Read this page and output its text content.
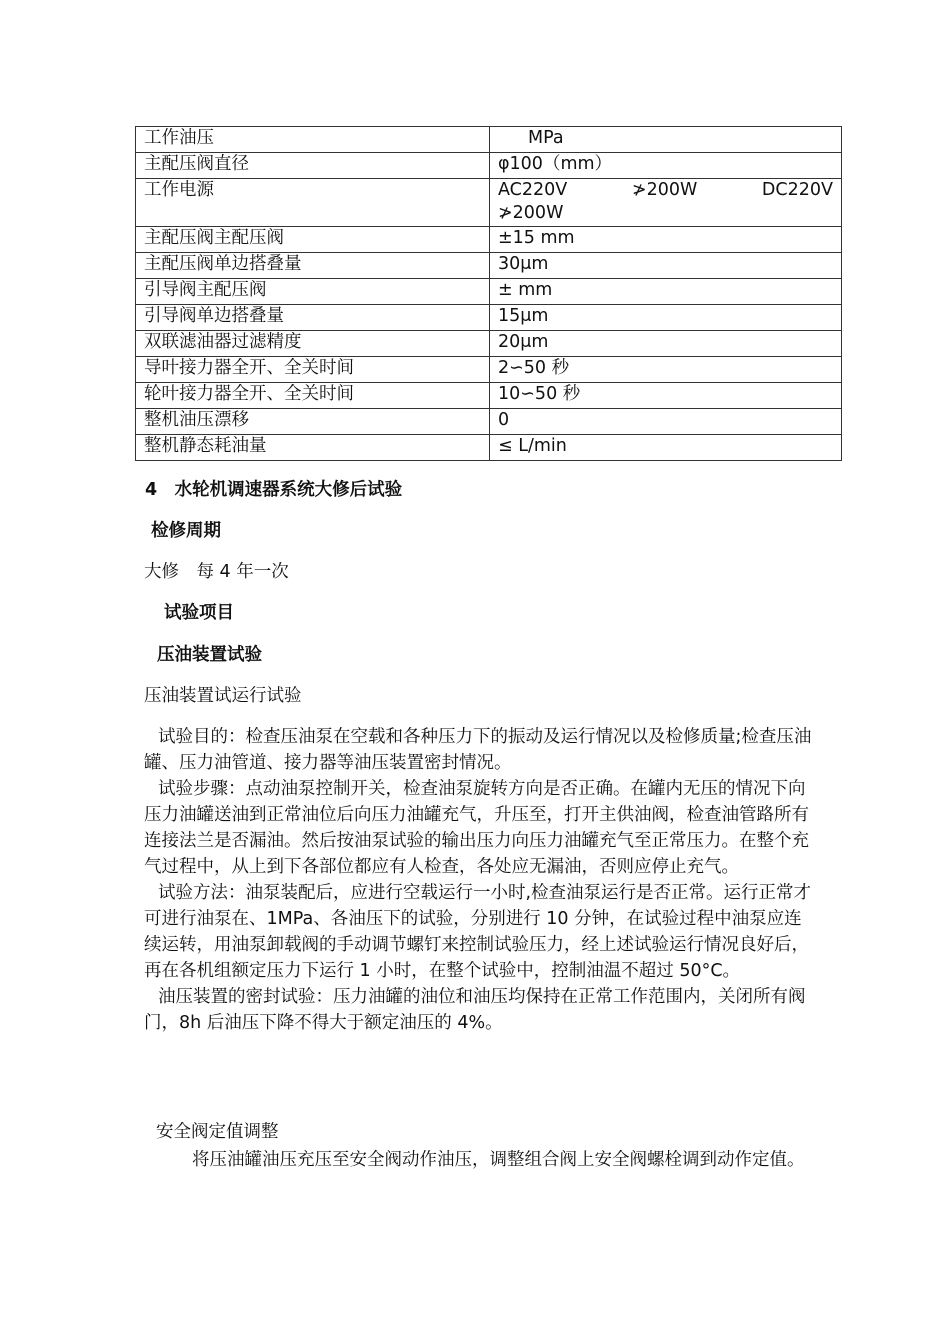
工作油压	MPa

主配压阀直径	φ100（mm）

工作电源	AC220V ≯200W DC220V
≯200W

主配压阀主配压阀	±15 mm

主配压阀单边搭叠量	30μm

引导阀主配压阀	± mm

引导阀单边搭叠量	15μm

双联滤油器过滤精度	20μm

导叶接力器全开、全关时间	2∽50 秒

轮叶接力器全开、全关时间	10∽50 秒

整机油压漂移	0

整机静态耗油量	≤ L/min
4　水轮机调速器系统大修后试验
检修周期
大修　每 4 年一次
试验项目
压油装置试验
压油装置试运行试验

试验目的：检查压油泵在空载和各种压力下的振动及运行情况以及检修质量;检查压油罐、压力油管道、接力器等油压装置密封情况。

试验步骤：点动油泵控制开关，检查油泵旋转方向是否正确。在罐内无压的情况下向压力油罐送油到正常油位后向压力油罐充气，升压至，打开主供油阀，检查油管路所有连接法兰是否漏油。然后按油泵试验的输出压力向压力油罐充气至正常压力。在整个充气过程中，从上到下各部位都应有人检查，各处应无漏油，否则应停止充气。

试验方法：油泵装配后，应进行空载运行一小时,检查油泵运行是否正常。运行正常才可进行油泵在、1MPa、各油压下的试验，分别进行 10 分钟，在试验过程中油泵应连续运转，用油泵卸载阀的手动调节螺钉来控制试验压力，经上述试验运行情况良好后，再在各机组额定压力下运行 1 小时，在整个试验中，控制油温不超过 50°C。

油压装置的密封试验：压力油罐的油位和油压均保持在正常工作范围内，关闭所有阀门，8h 后油压下降不得大于额定油压的 4%。

安全阀定值调整

将压油罐油压充压至安全阀动作油压，调整组合阀上安全阀螺栓调到动作定值。
